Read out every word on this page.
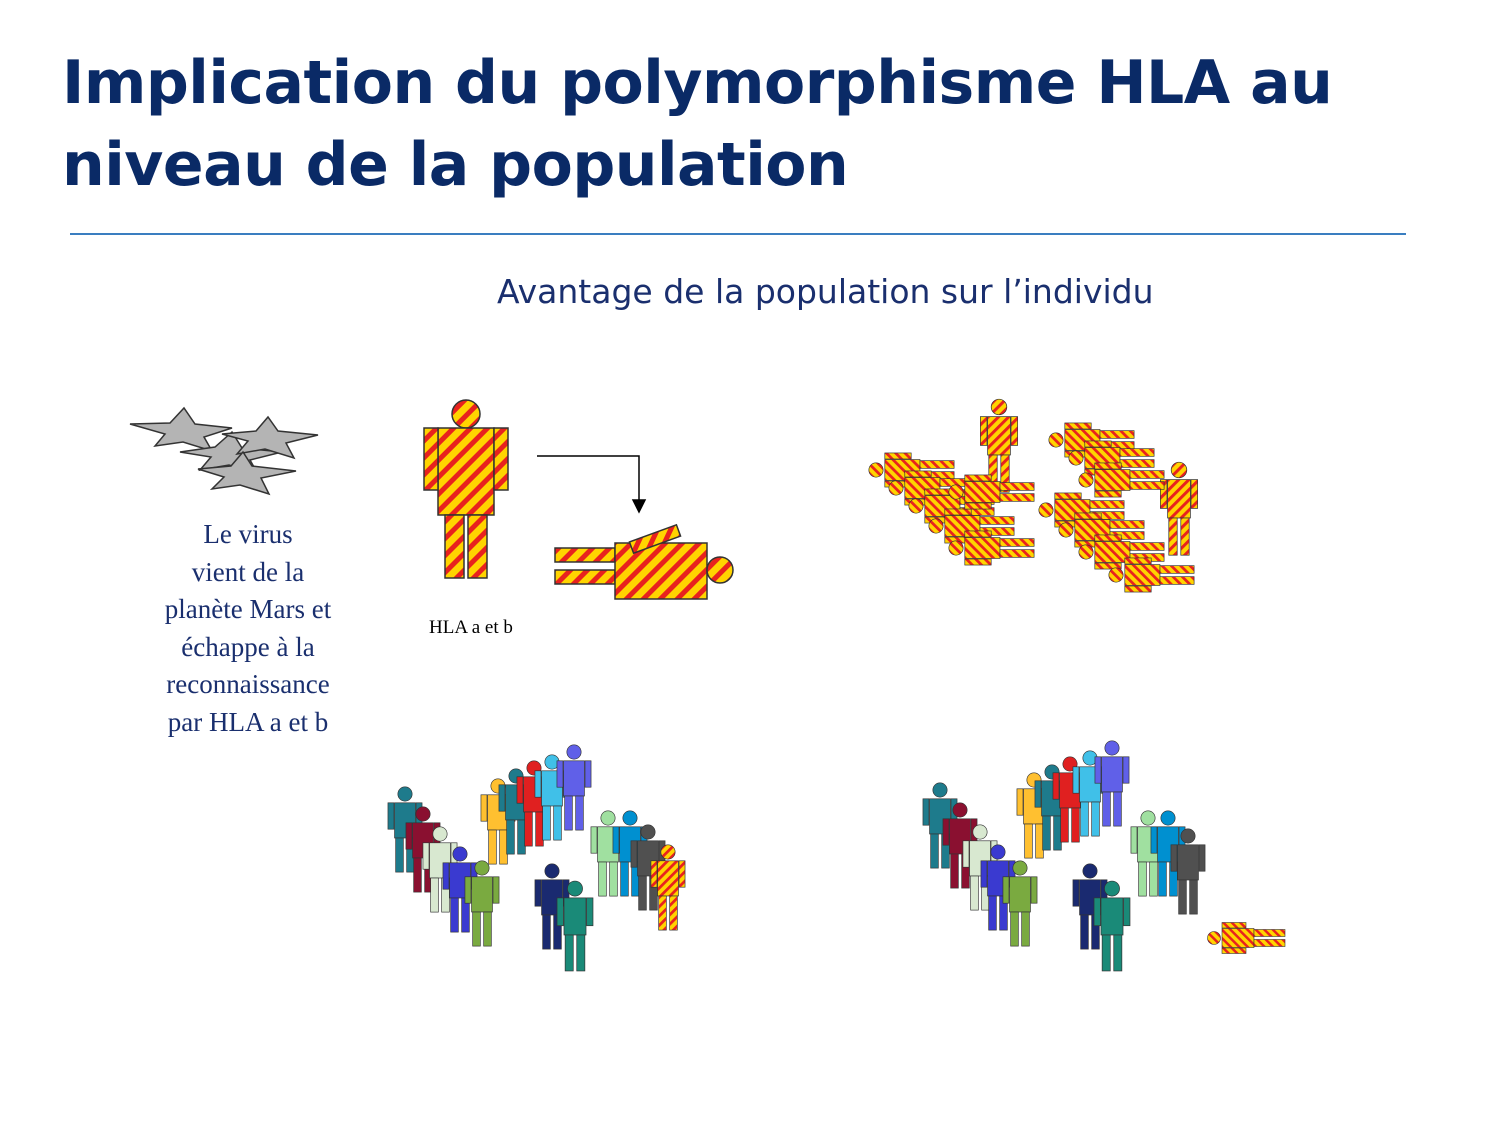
Implication du polymorphisme HLA au
niveau de la population
Avantage de la population sur l’individu
Le virus
vient de la
planète Mars et
échappe à la
reconnaissance
par HLA a et b
HLA a et b
